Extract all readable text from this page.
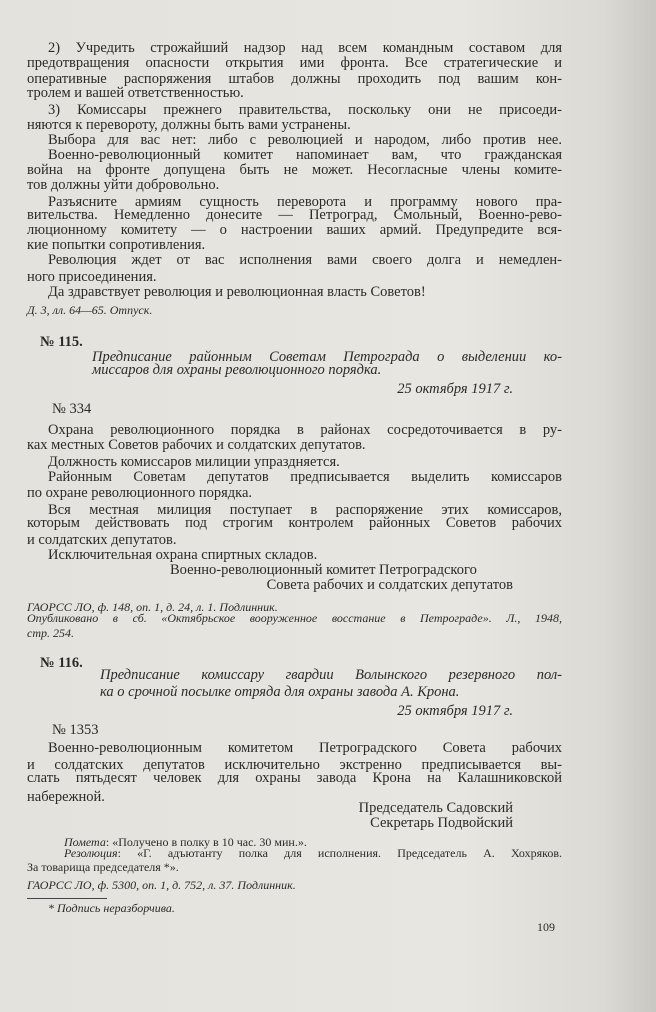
2) Учредить строжайший надзор над всем командным составом для
предотвращения опасности открытия ими фронта. Все стратегические и
оперативные распоряжения штабов должны проходить под вашим кон-
тролем и вашей ответственностью.
3) Комиссары прежнего правительства, поскольку они не присоеди-
няются к перевороту, должны быть вами устранены.
Выбора для вас нет: либо с революцией и народом, либо против нее.
Военно-революционный комитет напоминает вам, что гражданская
война на фронте допущена быть не может. Несогласные члены комите-
тов должны уйти добровольно.
Разъясните армиям сущность переворота и программу нового пра-
вительства. Немедленно донесите — Петроград, Смольный, Военно-рево-
люционному комитету — о настроении ваших армий. Предупредите вся-
кие попытки сопротивления.
Революция ждет от вас исполнения вами своего долга и немедлен-
ного присоединения.
Да здравствует революция и революционная власть Советов!
Д. 3, лл. 64—65. Отпуск.
№ 115.
Предписание районным Советам Петрограда о выделении ко-
миссаров для охраны революционного порядка.
25 октября 1917 г.
№ 334
Охрана революционного порядка в районах сосредоточивается в ру-
ках местных Советов рабочих и солдатских депутатов.
Должность комиссаров милиции упраздняется.
Районным Советам депутатов предписывается выделить комиссаров
по охране революционного порядка.
Вся местная милиция поступает в распоряжение этих комиссаров,
которым действовать под строгим контролем районных Советов рабочих
и солдатских депутатов.
Исключительная охрана спиртных складов.
Военно-революционный комитет Петроградского
Совета рабочих и солдатских депутатов
ГАОРСС ЛО, ф. 148, оп. 1, д. 24, л. 1. Подлинник.
Опубликовано в сб. «Октябрьское вооруженное восстание в Петрограде». Л., 1948,
стр. 254.
№ 116.
Предписание комиссару гвардии Волынского резервного пол-
ка о срочной посылке отряда для охраны завода А. Крона.
25 октября 1917 г.
№ 1353
Военно-революционным комитетом Петроградского Совета рабочих
и солдатских депутатов исключительно экстренно предписывается вы-
слать пятьдесят человек для охраны завода Крона на Калашниковской
набережной.
Председатель Садовский
Секретарь Подвойский
Помета: «Получено в полку в 10 час. 30 мин.».
Резолюция: «Г. адъютанту полка для исполнения. Председатель А. Хохряков.
За товарища председателя *».
ГАОРСС ЛО, ф. 5300, оп. 1, д. 752, л. 37. Подлинник.
* Подпись неразборчива.
109
